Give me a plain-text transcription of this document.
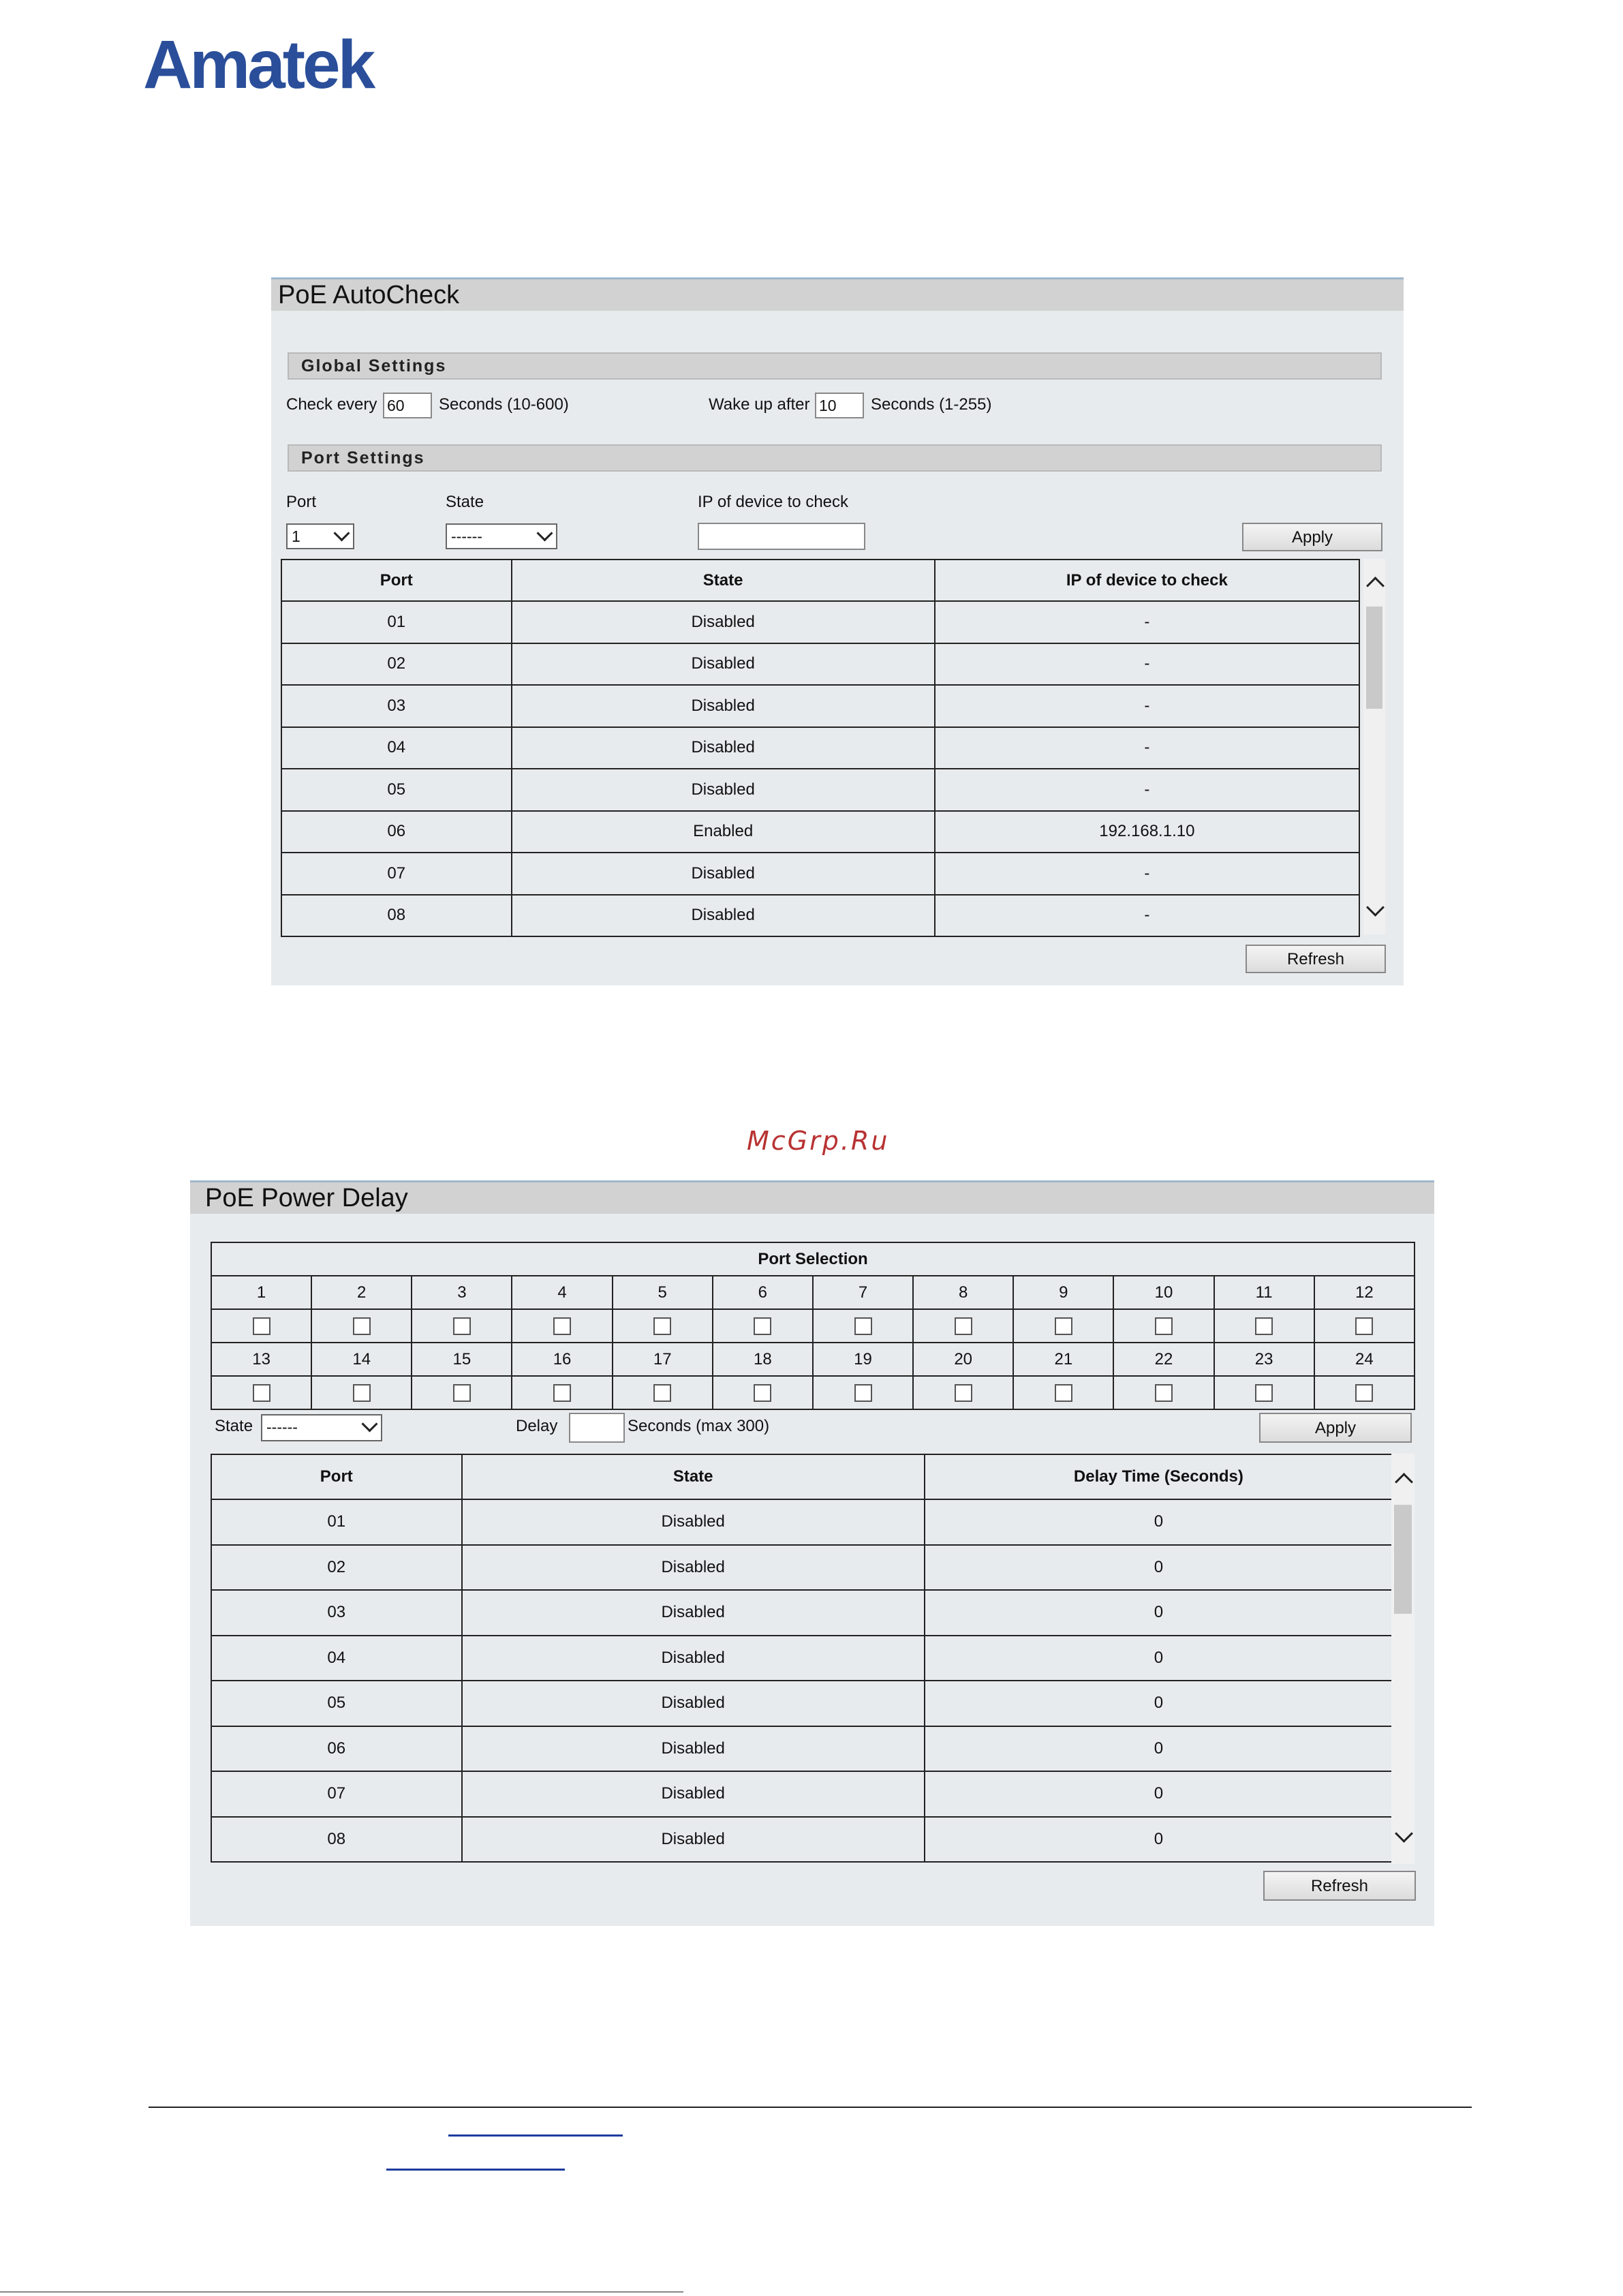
Amatek
PoE AutoCheck
Global Settings
Check every 60	Seconds (10-600)	Wake up after 10	Seconds (1-255)
Port Settings
Port
1
State
------
IP of device to check
Apply
Port	State	IP of device to check
01	Disabled	-
02	Disabled	-
03	Disabled	-
04	Disabled	-
05	Disabled	-
06	Enabled	192.168.1.10
07	Disabled	-
08	Disabled	-
Refresh
McGrp.Ru
PoE Power Delay
Port Selection											
1	2	3	4	5	6	7	8	9	10	11	12

13	14	15	16	17	18	19	20	21	22	23	24

State ------	Delay	Seconds (max 300)	Apply
Port	State	Delay Time (Seconds)
01	Disabled	0
02	Disabled	0
03	Disabled	0
04	Disabled	0
05	Disabled	0
06	Disabled	0
07	Disabled	0
08	Disabled	0
Refresh
